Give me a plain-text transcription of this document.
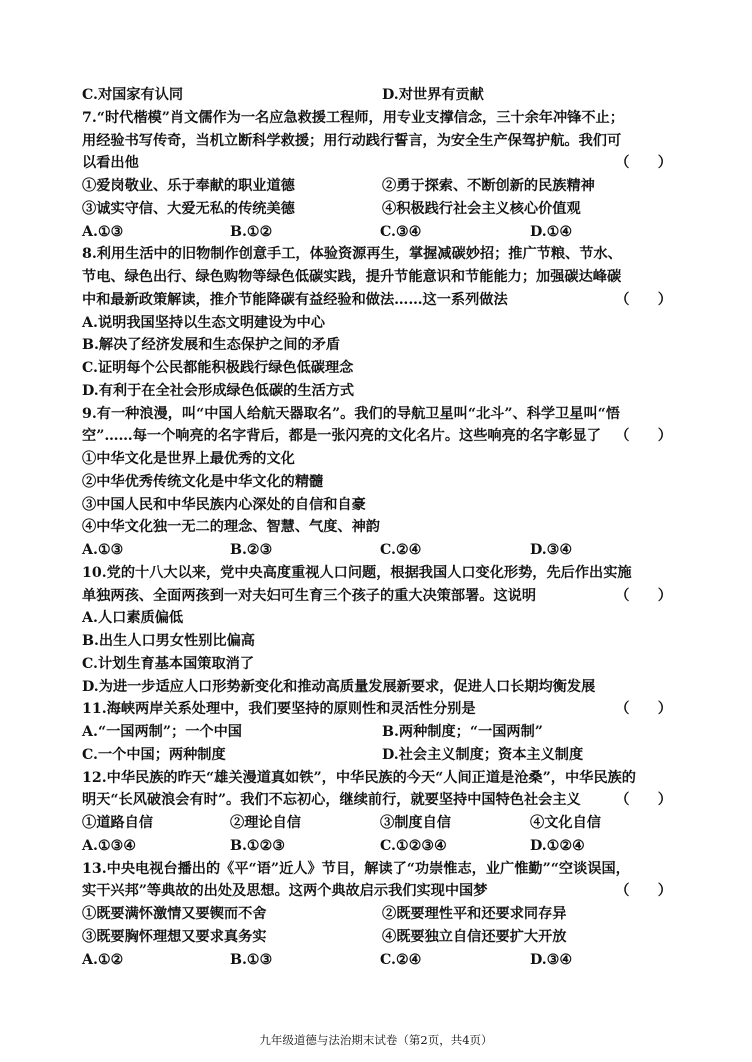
C.对国家有认同	D.对世界有贡献
7.“时代楷模”肖文儒作为一名应急救援工程师，用专业支撑信念，三十余年冲锋不止；
用经验书写传奇，当机立断科学救援；用行动践行誓言，为安全生产保驾护航。我们可
以看出他	（　　）
①爱岗敬业、乐于奉献的职业道德	②勇于探索、不断创新的民族精神
③诚实守信、大爱无私的传统美德	④积极践行社会主义核心价值观
A.①③	B.①②	C.③④	D.①④
8.利用生活中的旧物制作创意手工，体验资源再生，掌握减碳妙招；推广节粮、节水、
节电、绿色出行、绿色购物等绿色低碳实践，提升节能意识和节能能力；加强碳达峰碳
中和最新政策解读，推介节能降碳有益经验和做法……这一系列做法	（　　）
A.说明我国坚持以生态文明建设为中心
B.解决了经济发展和生态保护之间的矛盾
C.证明每个公民都能积极践行绿色低碳理念
D.有利于在全社会形成绿色低碳的生活方式
9.有一种浪漫，叫“中国人给航天器取名”。我们的导航卫星叫“北斗”、科学卫星叫“悟
空”……每一个响亮的名字背后，都是一张闪亮的文化名片。这些响亮的名字彰显了 （　　）
①中华文化是世界上最优秀的文化
②中华优秀传统文化是中华文化的精髓
③中国人民和中华民族内心深处的自信和自豪
④中华文化独一无二的理念、智慧、气度、神韵
A.①③	B.②③	C.②④	D.③④
10.党的十八大以来，党中央高度重视人口问题，根据我国人口变化形势，先后作出实施
单独两孩、全面两孩到一对夫妇可生育三个孩子的重大决策部署。这说明	（　　）
A.人口素质偏低
B.出生人口男女性别比偏高
C.计划生育基本国策取消了
D.为进一步适应人口形势新变化和推动高质量发展新要求，促进人口长期均衡发展
11.海峡两岸关系处理中，我们要坚持的原则性和灵活性分别是	（　　）
A.“一国两制”；一个中国	B.两种制度；“一国两制”
C.一个中国；两种制度	D.社会主义制度；资本主义制度
12.中华民族的昨天“雄关漫道真如铁”，中华民族的今天“人间正道是沧桑”，中华民族的
明天“长风破浪会有时”。我们不忘初心，继续前行，就要坚持中国特色社会主义 （　　）
①道路自信	②理论自信	③制度自信	④文化自信
A.①③④	B.①②③	C.①②③④	D.①②④
13.中央电视台播出的《平“语”近人》节目，解读了“功崇惟志，业广惟勤”“空谈误国，
实干兴邦”等典故的出处及思想。这两个典故启示我们实现中国梦	（　　）
①既要满怀激情又要锲而不舍	②既要理性平和还要求同存异
③既要胸怀理想又要求真务实	④既要独立自信还要扩大开放
A.①②	B.①③	C.②④	D.③④
九年级道德与法治期末试卷（第2页，共4页）
